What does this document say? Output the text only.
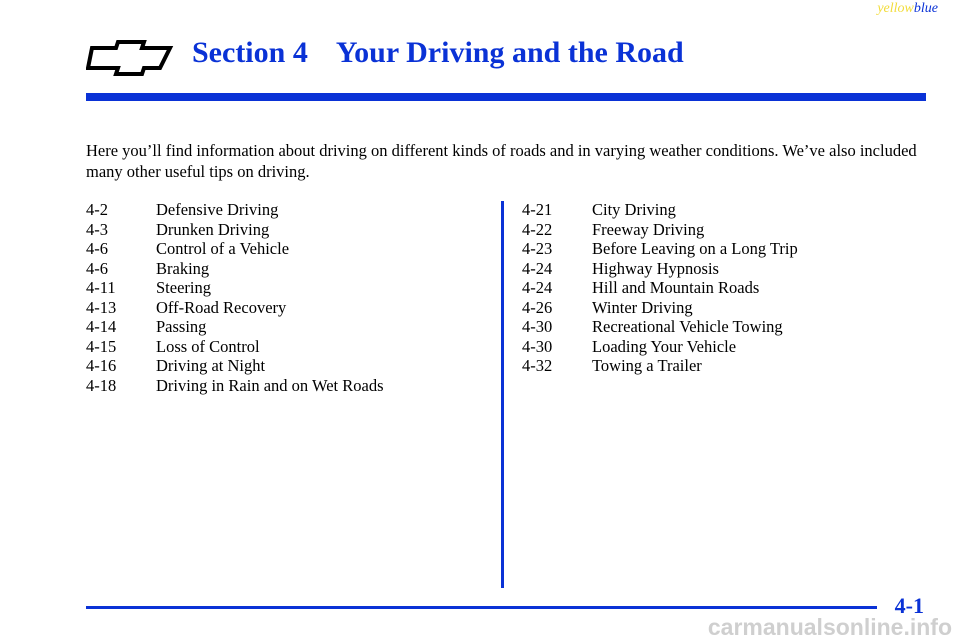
yellowblue
Section 4 Your Driving and the Road

Here you’ll find information about driving on different kinds of roads and in varying weather conditions. We’ve also included many other useful tips on driving.

4-2	Defensive Driving
4-3	Drunken Driving
4-6	Control of a Vehicle
4-6	Braking
4-11	Steering
4-13	Off-Road Recovery
4-14	Passing
4-15	Loss of Control
4-16	Driving at Night
4-18	Driving in Rain and on Wet Roads
4-21	City Driving
4-22	Freeway Driving
4-23	Before Leaving on a Long Trip
4-24	Highway Hypnosis
4-24	Hill and Mountain Roads
4-26	Winter Driving
4-30	Recreational Vehicle Towing
4-30	Loading Your Vehicle
4-32	Towing a Trailer
4-1
carmanualsonline.info
